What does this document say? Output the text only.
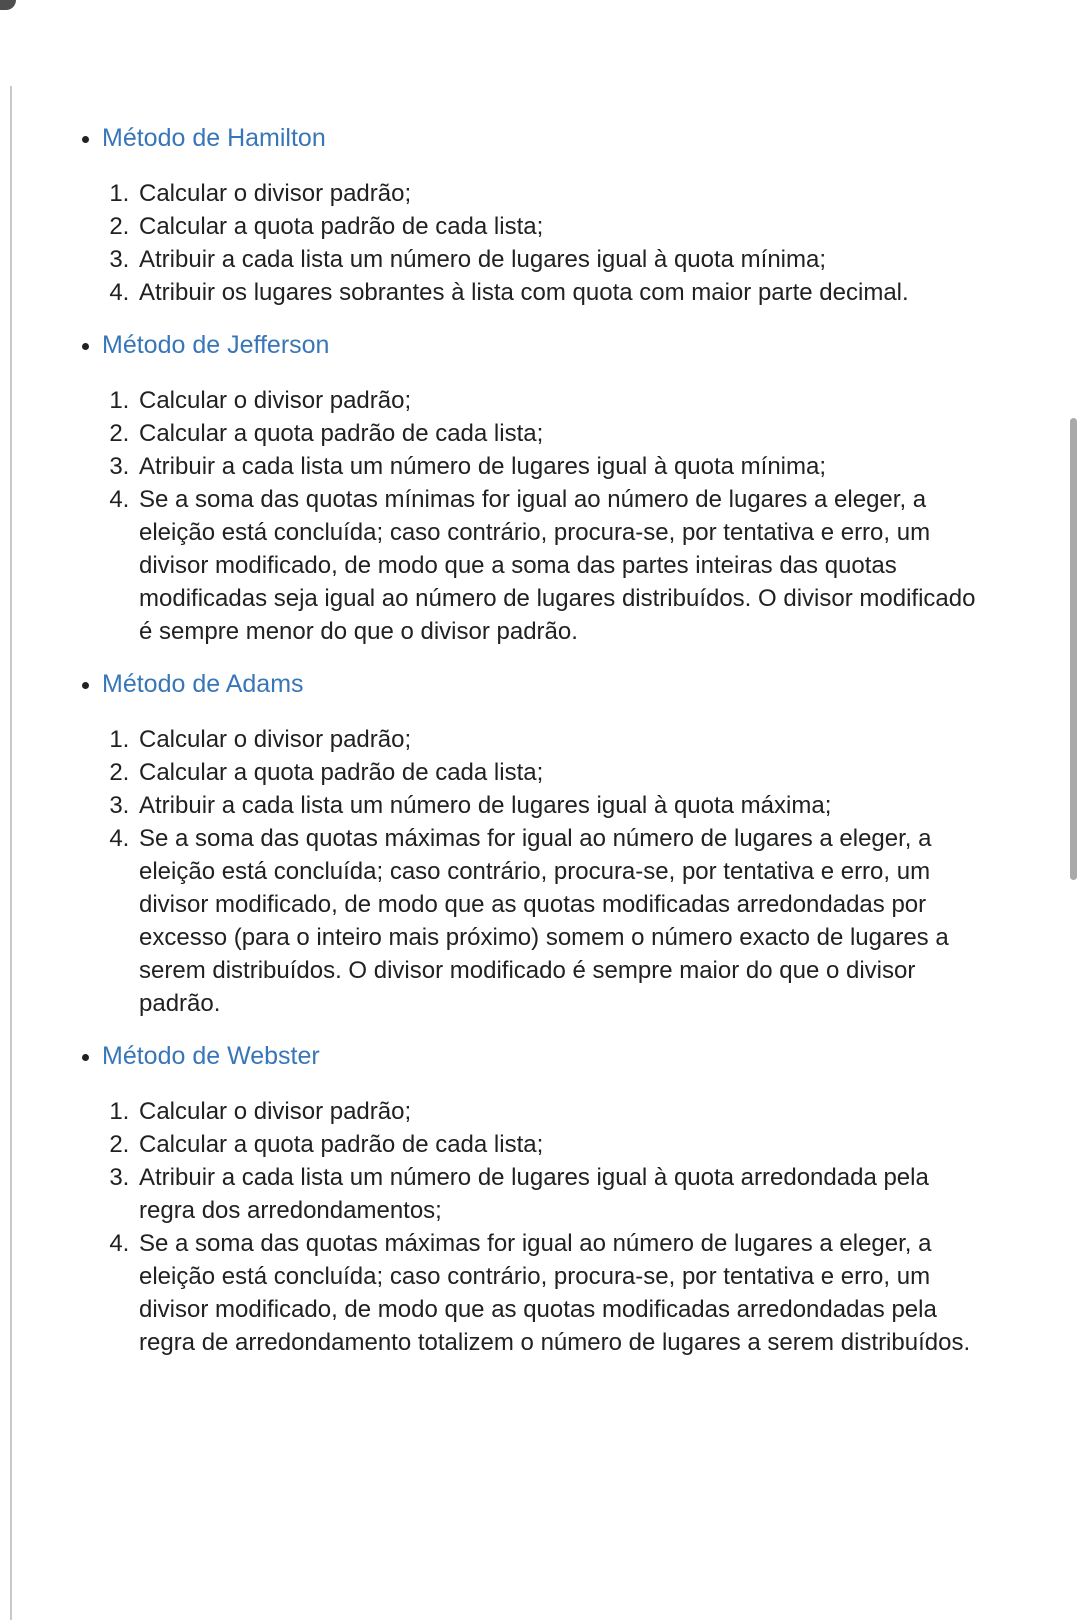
• Método de Hamilton
1. Calcular o divisor padrão;
2. Calcular a quota padrão de cada lista;
3. Atribuir a cada lista um número de lugares igual à quota mínima;
4. Atribuir os lugares sobrantes à lista com quota com maior parte decimal.
• Método de Jefferson
1. Calcular o divisor padrão;
2. Calcular a quota padrão de cada lista;
3. Atribuir a cada lista um número de lugares igual à quota mínima;
4. Se a soma das quotas mínimas for igual ao número de lugares a eleger, a eleição está concluída; caso contrário, procura-se, por tentativa e erro, um divisor modificado, de modo que a soma das partes inteiras das quotas modificadas seja igual ao número de lugares distribuídos. O divisor modificado é sempre menor do que o divisor padrão.
• Método de Adams
1. Calcular o divisor padrão;
2. Calcular a quota padrão de cada lista;
3. Atribuir a cada lista um número de lugares igual à quota máxima;
4. Se a soma das quotas máximas for igual ao número de lugares a eleger, a eleição está concluída; caso contrário, procura-se, por tentativa e erro, um divisor modificado, de modo que as quotas modificadas arredondadas por excesso (para o inteiro mais próximo) somem o número exacto de lugares a serem distribuídos. O divisor modificado é sempre maior do que o divisor padrão.
• Método de Webster
1. Calcular o divisor padrão;
2. Calcular a quota padrão de cada lista;
3. Atribuir a cada lista um número de lugares igual à quota arredondada pela regra dos arredondamentos;
4. Se a soma das quotas máximas for igual ao número de lugares a eleger, a eleição está concluída; caso contrário, procura-se, por tentativa e erro, um divisor modificado, de modo que as quotas modificadas arredondadas pela regra de arredondamento totalizem o número de lugares a serem distribuídos.
